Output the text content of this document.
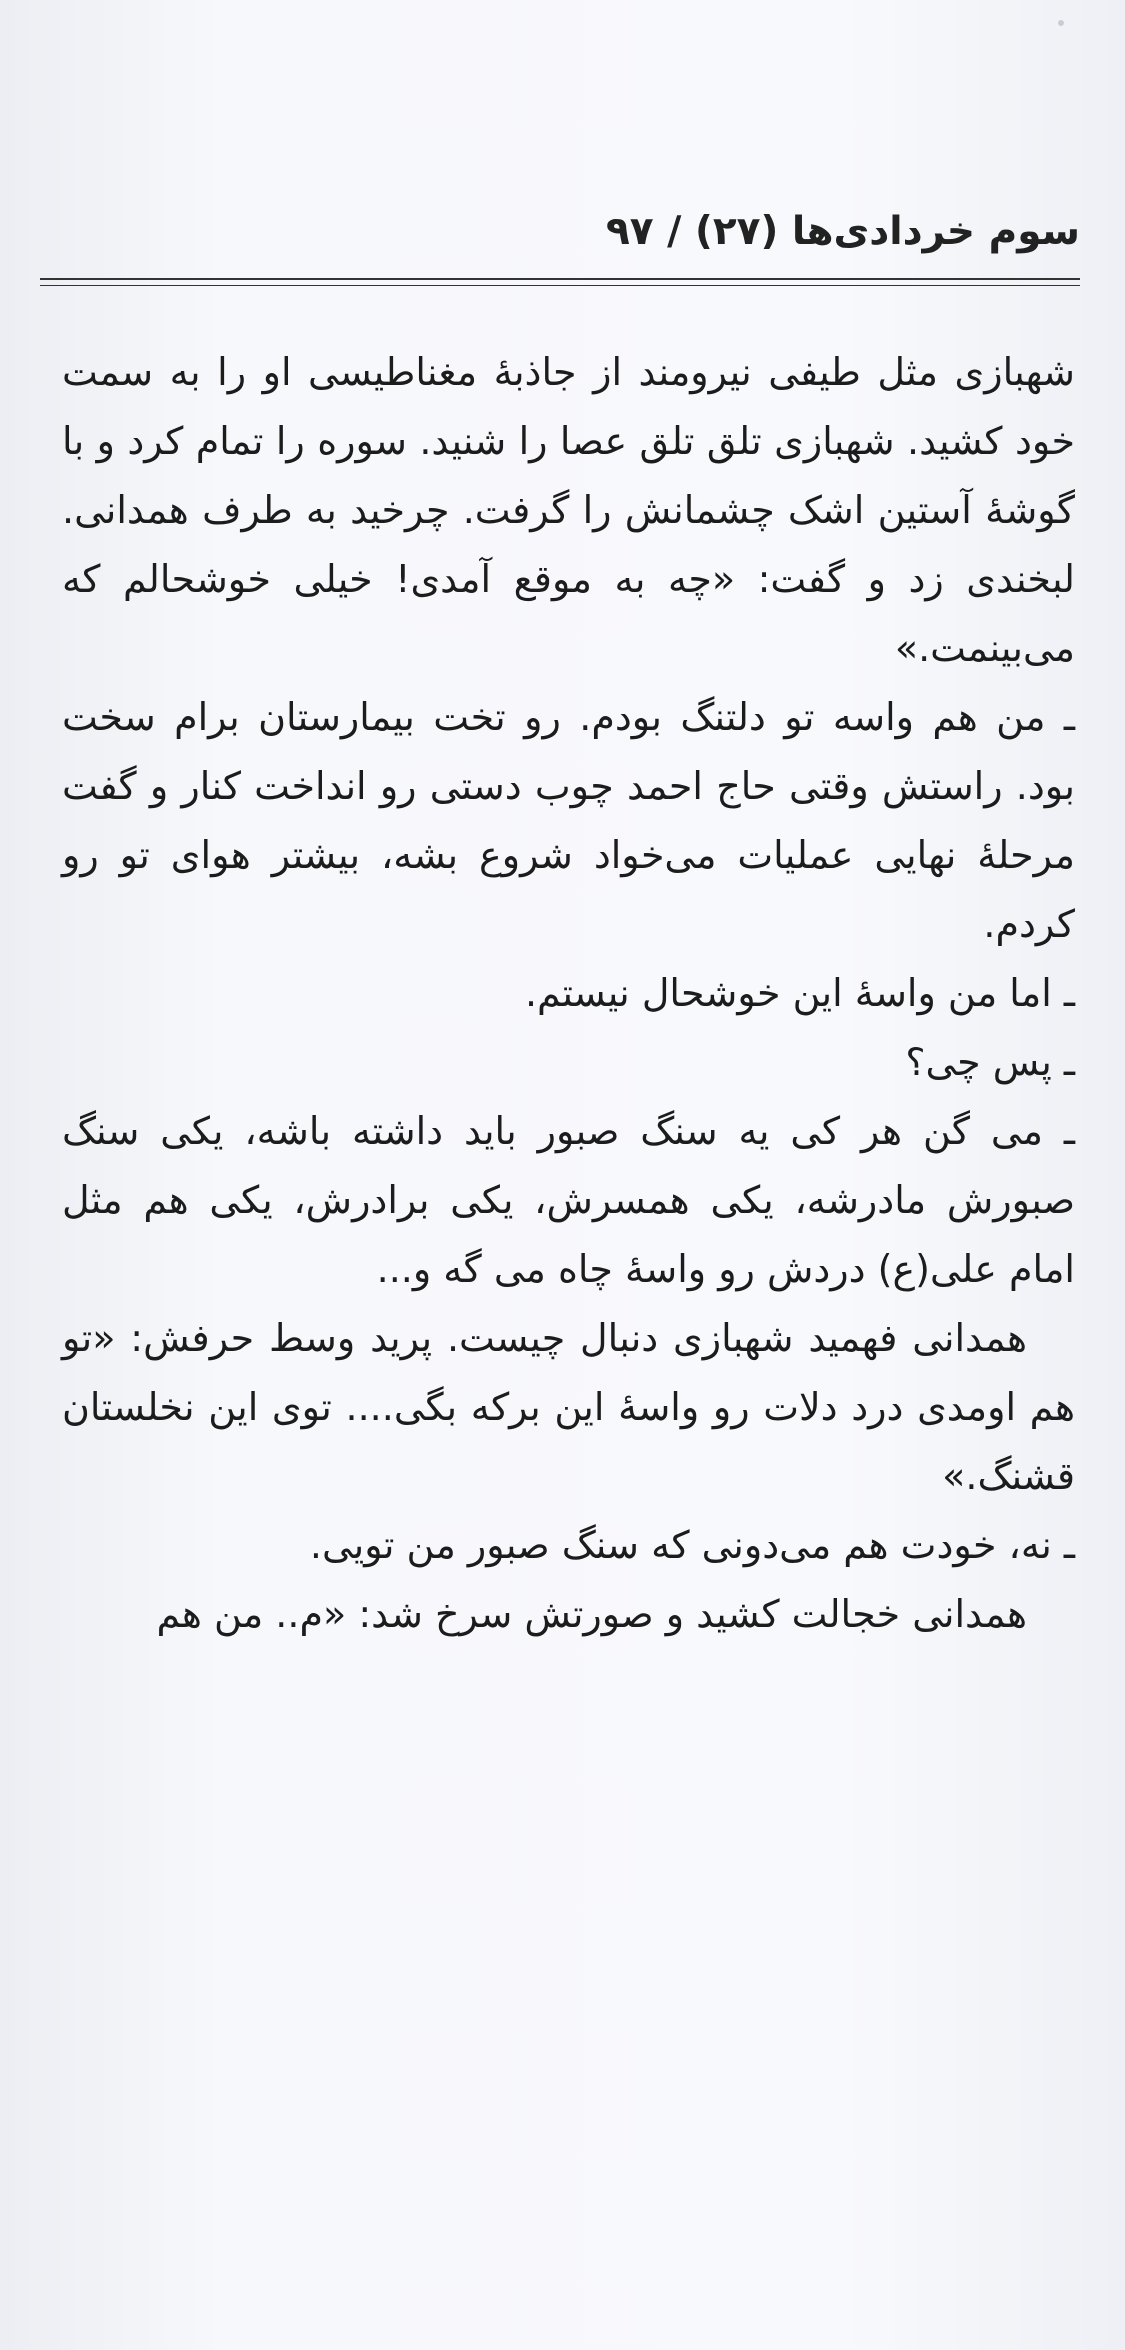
سوم خردادی‌ها (۲۷) / ۹۷

شهبازی مثل طیفی نیرومند از جاذبهٔ مغناطیسی او را به سمت خود کشید. شهبازی تلق تلق عصا را شنید. سوره را تمام کرد و با گوشهٔ آستین اشک چشمانش را گرفت. چرخید به طرف همدانی. لبخندی زد و گفت: «چه به موقع آمدی! خیلی خوشحالم که می‌بینمت.»

ـ من هم واسه تو دلتنگ بودم. رو تخت بیمارستان برام سخت بود. راستش وقتی حاج احمد چوب دستی رو انداخت کنار و گفت مرحلهٔ نهایی عملیات می‌خواد شروع بشه، بیشتر هوای تو رو کردم.

ـ اما من واسهٔ این خوشحال نیستم.

ـ پس چی؟

ـ می گن هر کی یه سنگ صبور باید داشته باشه، یکی سنگ صبورش مادرشه، یکی همسرش، یکی برادرش، یکی هم مثل امام علی(ع) دردش رو واسهٔ چاه می گه و...

همدانی فهمید شهبازی دنبال چیست. پرید وسط حرفش: «تو هم اومدی درد دلات رو واسهٔ این برکه بگی.... توی این نخلستان قشنگ.»

ـ نه، خودت هم می‌دونی که سنگ صبور من تویی.

همدانی خجالت کشید و صورتش سرخ شد: «م.. من هم
